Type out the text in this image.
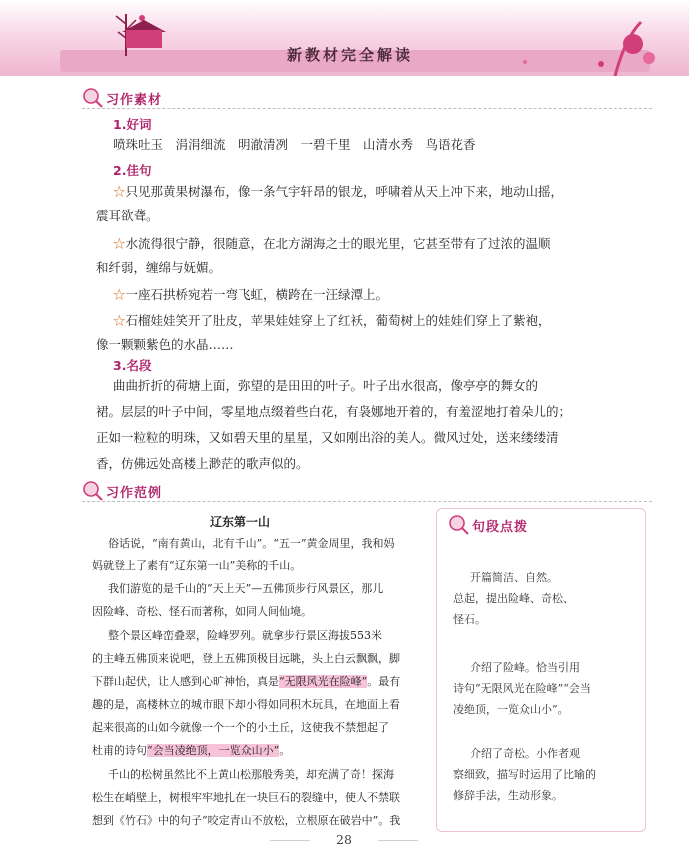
新教材完全解读
习作素材
1.好词
喷珠吐玉　涓涓细流　明澈清冽　一碧千里　山清水秀　鸟语花香
2.佳句
☆只见那黄果树瀑布，像一条气宇轩昂的银龙，呼啸着从天上冲下来，地动山摇，
震耳欲聋。
☆水流得很宁静，很随意，在北方湖海之士的眼光里，它甚至带有了过浓的温顺
和纤弱，缠绵与妩媚。
☆一座石拱桥宛若一弯飞虹，横跨在一汪绿潭上。
☆石榴娃娃笑开了肚皮，苹果娃娃穿上了红袄，葡萄树上的娃娃们穿上了紫袍，
像一颗颗紫色的水晶……
3.名段
曲曲折折的荷塘上面，弥望的是田田的叶子。叶子出水很高，像亭亭的舞女的
裙。层层的叶子中间，零星地点缀着些白花，有袅娜地开着的，有羞涩地打着朵儿的；
正如一粒粒的明珠，又如碧天里的星星，又如刚出浴的美人。微风过处，送来缕缕清
香，仿佛远处高楼上渺茫的歌声似的。
习作范例
辽东第一山
俗话说，“南有黄山，北有千山”。“五一”黄金周里，我和妈
妈就登上了素有“辽东第一山”美称的千山。
我们游览的是千山的“天上天”—五佛顶步行风景区，那儿
因险峰、奇松、怪石而著称，如同人间仙境。
整个景区峰峦叠翠，险峰罗列。就拿步行景区海拔553米
的主峰五佛顶来说吧，登上五佛顶极目远眺，头上白云飘飘，脚
下群山起伏，让人感到心旷神怡，真是“无限风光在险峰”。最有
趣的是，高楼林立的城市眼下却小得如同积木玩具，在地面上看
起来很高的山如今就像一个一个的小土丘，这使我不禁想起了
杜甫的诗句“会当凌绝顶，一览众山小”。
千山的松树虽然比不上黄山松那般秀美，却充满了奇！探海
松生在峭壁上，树根牢牢地扎在一块巨石的裂缝中，使人不禁联
想到《竹石》中的句子“咬定青山不放松，立根原在破岩中”。我
句段点拨
开篇简洁、自然。
总起，提出险峰、奇松、
怪石。
介绍了险峰。恰当引用
诗句“无限风光在险峰”“会当
凌绝顶，一览众山小”。
介绍了奇松。小作者观
察细致，描写时运用了比喻的
修辞手法，生动形象。
28
